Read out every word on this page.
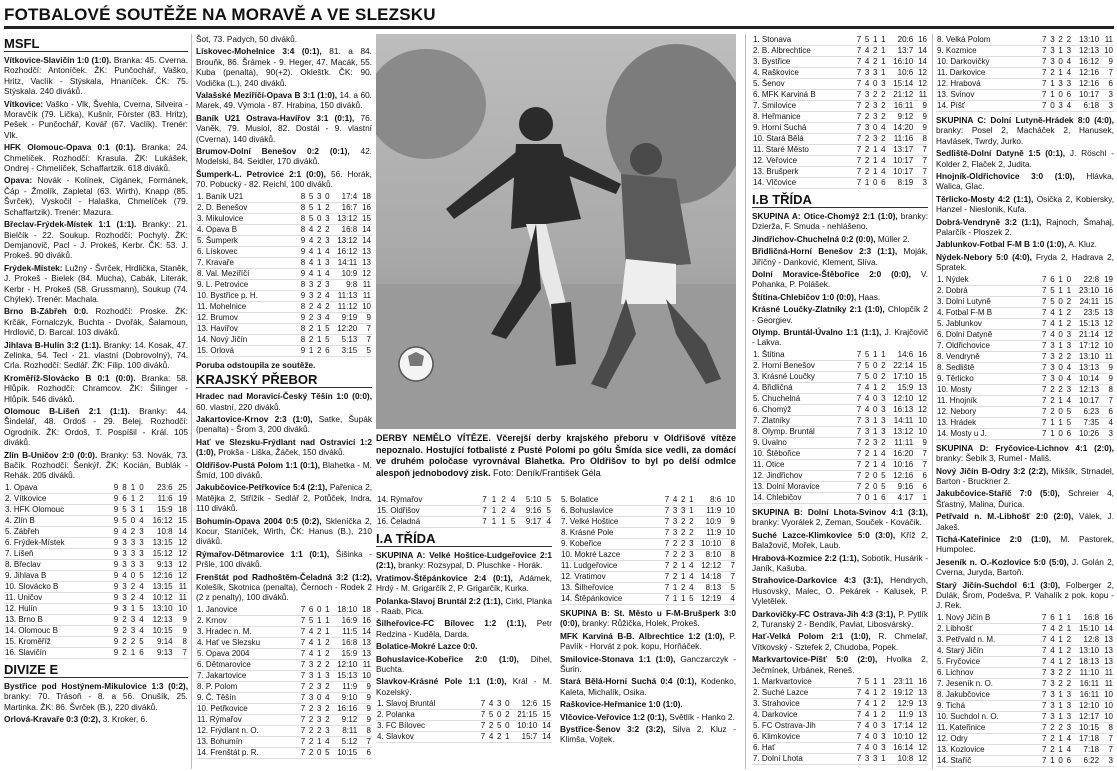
FOTBALOVÉ SOUTĚŽE NA MORAVĚ A VE SLEZSKU
MSFL
Vítkovice-Slavičín 1:0 (1:0). Branka: 45. Cverna. Rozhodčí: Antoníček. ŽK: Punčochář, Vaško, Hritz, Vaclík - Stýskala, Hnaníček. ČK: 75. Stýskala. 240 diváků.
Vítkovice: Vaško - Vlk, Švehla, Cverna, Silveira - Moravčík (79. Lička), Kušnír, Förster (83. Hritz), Pešek - Punčochář, Kovář (67. Vaclík). Trenér: Vlk.
HFK Olomouc-Opava 0:1 (0:1). Branka: 24. Chmelíček. Rozhodčí: Krasula. ŽK: Lukášek, Ondrej - Chmelíček, Schaffartzik. 618 diváků.
Opava: Novák - Kolínek, Cigánek, Formánek, Čáp - Žmolík, Zapletal (63. Wirth), Knapp (85. Švrček), Vyskočil - Halaška, Chmelíček (79. Schaffartzik). Trenér: Mazura.
Břeclav-Frýdek-Místek 1:1 (1:1). Branky: 21. Bielčík - 22. Soukup. Rozhodčí: Pochylý. ŽK: Demjanovič, Pacl - J. Prokeš, Kerbr. ČK: 53. J. Prokeš. 90 diváků.
Frýdek-Místek: Lužný - Švrček, Hrdlička, Staněk, J. Prokeš - Bielek (84. Mucha), Cabák, Literák, Kerbr - H. Prokeš (58. Grussmann), Soukup (74. Chýlek). Trenér: Machala.
Brno B-Zábřeh 0:0. Rozhodčí: Proske. ŽK: Krčák, Fornalczyk, Buchta - Dvořák, Šalamoun, Hrdlovič, D. Barcal. 103 diváků.
Jihlava B-Hulín 3:2 (1:1). Branky: 14. Kosak, 47. Zelinka, 54. Tecl - 21. vlastní (Dobrovolný), 74. Crla. Rozhodčí: Sedlář. ŽK: Filip. 100 diváků.
Kroměříž-Slovácko B 0:1 (0:0). Branka: 58. Hlůpík. Rozhodčí: Chramcov. ŽK: Šilinger - Hlůpík. 546 diváků.
Olomouc B-Líšeň 2:1 (1:1). Branky: 44. Šindelář, 48. Ordoš - 29. Belej. Rozhodčí: Ogrodník. ŽK: Ordoš, T. Pospíšil - Král. 105 diváků.
Zlín B-Uničov 2:0 (0:0). Branky: 53. Novák, 73. Bačík. Rozhodčí: Šenkýř. ŽK: Kocián, Bublák - Rehák. 205 diváků.
1. Opava	9	8	1	0	23:6	25
2. Vítkovice	9	6	1	2	11:6	19
3. HFK Olomouc	9	5	3	1	15:9	18
4. Zlín B	9	5	0	4	16:12	15
5. Zábřeh	9	4	2	3	10:8	14
6. Frýdek-Místek	9	3	3	3	13:15	12
7. Líšeň	9	3	3	3	15:12	12
8. Břeclav	9	3	3	3	9:13	12
9. Jihlava B	9	4	0	5	12:16	12
10. Slovácko B	9	3	2	4	13:15	11
11. Uničov	9	3	2	4	10:12	11
12. Hulín	9	3	1	5	13:10	10
13. Brno B	9	2	3	4	12:13	9
14. Olomouc B	9	2	3	4	10:15	9
15. Kroměříž	9	2	2	5	9:14	8
16. Slavičín	9	2	1	6	9:13	7
DIVIZE E
Bystřice pod Hostýnem-Mikulovice 1:3 (0:2), branky: 70. Trásoň - 8. a 56. Onušík, 25. Martinka. ŽK: 86. Švrček (B.), 220 diváků.
Orlová-Kravaře 0:3 (0:2), 3. Kroker, 6.
Šot, 73. Padych, 50 diváků.
Lískovec-Mohelnice 3:4 (0:1), 81. a 84. Brouňk, 86. Šrámek - 9. Heger, 47. Macák, 55. Kuba (penalta), 90(+2). Oklešťk. ČK: 90. Vodička (L.), 240 diváků.
Valašské Meziříčí-Opava B 3:1 (1:0), 14. a 60. Marek, 49. Výmola - 87. Hrabina, 150 diváků.
Baník U21 Ostrava-Havířov 3:1 (0:1), 76. Vaněk, 79. Musiol, 82. Dostál - 9. vlastní (Cverna), 140 diváků.
Brumov-Dolní Benešov 0:2 (0:1), 42. Modelski, 84. Seidler, 170 diváků.
Šumperk-L. Petrovice 2:1 (0:0), 56. Horák, 70. Pobucký - 82. Reichl, 100 diváků.
1. Baník U21	8	5	3	0	17:4	18
2. D. Benešov	8	5	1	2	16:7	16
3. Mikulovice	8	5	0	3	13:12	15
4. Opava B	8	4	2	2	16:8	14
5. Šumperk	9	4	2	3	13:12	14
6. Lískovec	9	4	1	4	16:12	13
7. Kravaře	8	4	1	3	14:11	13
8. Val. Meziříčí	9	4	1	4	10:9	12
9. L. Petrovice	8	3	2	3	9:8	11
10. Bystřice p. H.	9	3	2	4	11:13	11
11. Mohelnice	8	2	4	2	11:12	10
12. Brumov	9	2	3	4	9:19	9
13. Havířov	8	2	1	5	12:20	7
14. Nový Jičín	8	2	1	5	5:13	7
15. Orlová	9	1	2	6	3:15	5
Poruba odstoupila ze soutěže.
KRAJSKÝ PŘEBOR
Hradec nad Moravicí-Český Těšín 1:0 (0:0), 60. vlastní, 220 diváků.
Jakartovice-Krnov 2:3 (1:0), Satke, Šupák (penalta) - Šrom 3, 200 diváků.
Hať ve Slezsku-Frýdlant nad Ostravicí 1:2 (1:0), Prokša - Liška, Žáček, 150 diváků.
Oldřišov-Pustá Polom 1:1 (0:1), Blahetka - M. Šmíd, 100 diváků.
Jakubčovice-Petřkovice 5:4 (2:1), Pařenica 2, Matějka 2, Střížík - Sedlář 2, Potůček, Indra, 110 diváků.
Bohumín-Opava 2004 0:5 (0:2), Skleníčka 2, Kocur, Staníček, Wirth, ČK: Hanus (B.), 210 diváků.
Rýmařov-Dětmarovice 1:1 (0:1), Šišinka - Pršle, 100 diváků.
Frenštát pod Radhoštěm-Čeladná 3:2 (1:2), Kolešík, Skotnica (penalta), Černoch - Rodek 2 (2 z penalty), 100 diváků.
1. Janovice	7	6	0	1	18:10	18
2. Krnov	7	5	1	1	16:9	16
3. Hradec n. M.	7	4	2	1	11:5	14
4. Hať ve Slezsku	7	4	1	2	16:8	13
5. Opava 2004	7	4	1	2	15:9	13
6. Dětmarovice	7	3	2	2	12:10	11
7. Jakartovice	7	3	1	3	15:13	10
8. P. Polom	7	2	3	2	11:9	9
9. Č. Těšín	7	3	0	4	9:10	9
10. Petřkovice	7	2	3	2	16:16	9
11. Rýmařov	7	2	3	2	9:12	9
12. Frýdlant n. O.	7	2	2	3	8:11	8
13. Bohumín	7	2	1	4	5:12	7
14. Frenštát p. R.	7	2	0	5	10:15	6
DERBY NEMĚLO VÍTĚZE. Včerejší derby krajského přeboru v Oldřišově vítěze nepoznalo. Hostující fotbalisté z Pusté Polomi po gólu Šmída sice vedli, za domácí ve druhém poločase vyrovnával Blahetka. Pro Oldřišov to byl po delší odmlce alespoň jednobodový zisk. Foto: Deník/František Géla
14. Rýmařov	7	1	2	4	5:10	5
15. Oldřišov	7	1	2	4	9:16	5
16. Čeladná	7	1	1	5	9:17	4
I.A TŘÍDA
SKUPINA A: Velké Hoštice-Ludgeřovice 2:1 (2:1), branky: Rozsypal, D. Pluschke - Horák.
Vratimov-Štěpánkovice 2:4 (0:1), Adámek, Hrdý - M. Grigarčík 2, P. Grigarčík, Kurka.
Polanka-Slavoj Bruntál 2:2 (1:1), Cirkl, Planka - Raab, Pica.
Šilheřovice-FC Bílovec 1:2 (1:1), Petr Redzina - Kuděla, Darda.
Bolatice-Mokré Lazce 0:0.
Bohuslavice-Kobeřice 2:0 (1:0), Dihel, Buchta.
Slavkov-Krásné Pole 1:1 (1:0), Král - M. Kozelský.
1. Slavoj Bruntál	7	4	3	0	12:6	15
2. Polanka	7	5	0	2	21:15	15
3. FC Bílovec	7	2	5	0	10:10	14
4. Slavkov	7	4	2	1	15:7	14
5. Bolatice	7	4	2	1	8:6	10
6. Bohuslavice	7	3	3	1	11:9	10
7. Velké Hoštice	7	3	2	2	10:9	9
8. Krásné Pole	7	3	2	2	11:9	10
9. Kobeřice	7	2	2	3	10:10	8
10. Mokré Lazce	7	2	2	3	8:10	8
11. Ludgeřovice	7	2	1	4	12:12	7
12. Vratimov	7	2	1	4	14:18	7
13. Šilheřovice	7	1	2	4	8:13	5
14. Štěpánkovice	7	1	1	5	12:19	4
SKUPINA B: St. Město u F-M-Brušperk 3:0 (0:0), branky: Růžička, Holek, Prokeš.
MFK Karviná B-B. Albrechtice 1:2 (1:0), P. Pavlík - Horvát z pok. kopu, Horňáček.
Smilovice-Stonava 1:1 (1:0), Ganczarczyk - Šurin.
Stará Bělá-Horní Suchá 0:4 (0:1), Kodenko, Kaleta, Michalík, Osika.
Raškovice-Heřmanice 1:0 (1:0).
Vlčovice-Veřovice 1:2 (0:1), Světlík - Hanko 2.
Bystřice-Šenov 3:2 (3:2), Silva 2, Kluz - Klimša, Vojtek.
1. Stonava	7	5	1	1	20:6	16
2. B. Albrechtice	7	4	2	1	13:7	14
3. Bystřice	7	4	2	1	16:10	14
4. Raškovice	7	3	3	1	10:6	12
5. Šenov	7	4	0	3	15:14	12
6. MFK Karviná B	7	3	2	2	21:12	11
7. Smilovice	7	2	3	2	16:11	9
8. Heřmanice	7	2	3	2	9:12	9
9. Horní Suchá	7	3	0	4	14:20	9
10. Stará Bělá	7	2	3	2	11:16	8
11. Staré Město	7	2	1	4	13:17	7
12. Veřovice	7	2	1	4	10:17	7
13. Brušperk	7	2	1	4	10:17	7
14. Vlčovice	7	1	0	6	8:19	3
I.B TŘÍDA
SKUPINA A: Otice-Chomýž 2:1 (1:0), branky: Dzierža, F. Smuda - nehlášeno.
Jindřichov-Chuchelná 0:2 (0:0), Müller 2.
Břidličná-Horní Benešov 2:3 (1:1), Moják, Jiříčný - Danković, Klement, Slíva.
Dolní Moravice-Štěbořice 2:0 (0:0), V. Pohanka, P. Polášek.
Štítina-Chlebičov 1:0 (0:0), Haas.
Krásné Loučky-Zlatníky 2:1 (1:0), Chlopčík 2 - Georgiev.
Olymp. Bruntál-Úvalno 1:1 (1:1), J. Krajčovič - Lakva.
1. Štítina	7	5	1	1	14:6	16
2. Horní Benešov	7	5	0	2	22:14	15
3. Krásné Loučky	7	5	0	2	17:10	15
4. Břidličná	7	4	1	2	15:9	13
5. Chuchelná	7	4	0	3	12:10	12
6. Chomýž	7	4	0	3	16:13	12
7. Zlatníky	7	3	1	3	14:11	10
8. Olymp. Bruntál	7	3	1	3	13:12	10
9. Úvalno	7	2	3	2	11:11	9
10. Štěbořice	7	2	1	4	16:20	7
11. Otice	7	2	1	4	10:16	7
12. Jindřichov	7	2	0	5	12:16	6
13. Dolní Moravice	7	2	0	5	9:16	6
14. Chlebičov	7	0	1	6	4:17	1
SKUPINA B: Dolní Lhota-Svinov 4:1 (3:1), branky: Vyorálek 2, Zeman, Souček - Kováčik.
Suché Lazce-Klimkovice 5:0 (3:0), Kříž 2, Balažovič, Mořek, Laub.
Hrabová-Kozmice 2:2 (1:1), Sobotík, Husárik - Janík, Kašuba.
Strahovice-Darkovice 4:3 (3:1), Hendrych, Husovský, Malec, O. Pekárek - Kalusek, P. Vyletělek.
Darkovičky-FC Ostrava-Jih 4:3 (3:1), P. Pytlík 2, Turanský 2 - Bendík, Pavlat, Libosvárský.
Hať-Velká Polom 2:1 (1:0), R. Chmelař, Vítkovský - Sztefek 2, Chudoba, Popek.
Markvartovice-Píšť 5:0 (2:0), Hvolka 2, Ječmínek, Urbánek, Reneš.
1. Markvartovice	7	5	1	1	23:11	16
2. Suché Lazce	7	4	1	2	19:12	13
3. Strahovice	7	4	1	2	12:9	13
4. Darkovice	7	4	1	2	11:9	13
5. FC Ostrava-Jih	7	4	0	3	17:14	12
6. Klimkovice	7	4	0	3	10:10	12
6. Hať	7	4	0	3	16:14	12
7. Dolní Lhota	7	3	3	1	10:8	12
8. Velká Polom	7	3	2	2	13:10	11
9. Kozmice	7	3	1	3	12:13	10
10. Darkovičky	7	3	0	4	16:12	9
11. Darkovice	7	2	1	4	12:16	7
12. Hrabová	7	1	3	3	12:16	6
13. Svinov	7	1	0	6	10:17	3
14. Píšť	7	0	3	4	6:18	3
SKUPINA C: Dolní Lutyně-Hrádek 8:0 (4:0), branky: Posel 2, Macháček 2, Hanusek, Havlásek, Twrdy, Jurko.
Sedliště-Dolní Datyně 1:5 (0:1), J. Röschl - Kolder 2, Flaček 2, Judita.
Hnojník-Oldřichovice 3:0 (1:0), Hlávka, Walica, Glac.
Těrlicko-Mosty 4:2 (1:1), Osička 2, Kobiersky, Hanzel - Nieslonik, Kufa.
Dobrá-Vendryně 3:2 (1:1), Rajnoch, Šmahaj, Palarčík - Ploszek 2.
Jablunkov-Fotbal F-M B 1:0 (1:0), A. Kluz.
Nýdek-Nebory 5:0 (4:0), Fryda 2, Hadrava 2, Spratek.
1. Nýdek	7	6	1	0	22:8	19
2. Dobrá	7	5	1	1	23:10	16
3. Dolní Lutyně	7	5	0	2	24:11	15
4. Fotbal F-M B	7	4	1	2	23:5	13
5. Jablunkov	7	4	1	2	15:13	12
6. Dolní Datyně	7	4	0	3	21:14	12
7. Oldřichovice	7	3	1	3	17:12	10
8. Vendryně	7	3	2	2	13:10	11
8. Sedliště	7	3	0	4	13:13	9
9. Těrlicko	7	3	0	4	10:14	9
10. Mosty	7	2	2	3	12:13	8
11. Hnojník	7	2	1	4	10:17	7
12. Nebory	7	2	0	5	6:23	6
13. Hrádek	7	1	1	5	7:35	4
14. Mosty u J.	7	1	0	6	10:26	3
SKUPINA D: Fryčovice-Lichnov 4:1 (2:0), branky: Šebík 3, Rumel - Mališ.
Nový Jičín B-Odry 3:2 (2:2), Mikšík, Strnadel, Barton - Bruckner 2.
Jakubčovice-Staříč 7:0 (5:0), Schreier 4, Šťastný, Malina, Ďurica.
Petřvald n. M.-Libhošť 2:0 (2:0), Válek, J. Jakeš.
Tichá-Kateřinice 2:0 (1:0), M. Pastorek, Humpolec.
Jeseník n. O.-Kozlovice 5:0 (5:0), J. Golán 2, Cverna, Juryda, Bartoň.
Starý Jičín-Suchdol 6:1 (3:0), Folberger 2, Dulák, Šrom, Podešva, P. Vahalík z pok. kopu - J. Rek.
1. Nový Jičín B	7	6	1	1	16:8	16
2. Libhošť	7	4	2	1	15:10	14
3. Petřvald n. M.	7	4	1	2	12:8	13
4. Starý Jičín	7	4	1	2	13:10	13
5. Fryčovice	7	4	1	2	18:13	13
6. Lichnov	7	3	2	2	11:10	11
7. Jeseník n. O.	7	3	2	2	16:11	11
8. Jakubčovice	7	3	1	3	16:11	10
9. Tichá	7	3	1	3	12:10	10
10. Suchdol n. O.	7	3	1	3	12:17	10
11. Kateřinice	7	2	2	3	10:15	8
12. Odry	7	2	1	4	17:18	7
13. Kozlovice	7	2	1	4	7:18	7
14. Staříč	7	1	0	6	6:22	3
